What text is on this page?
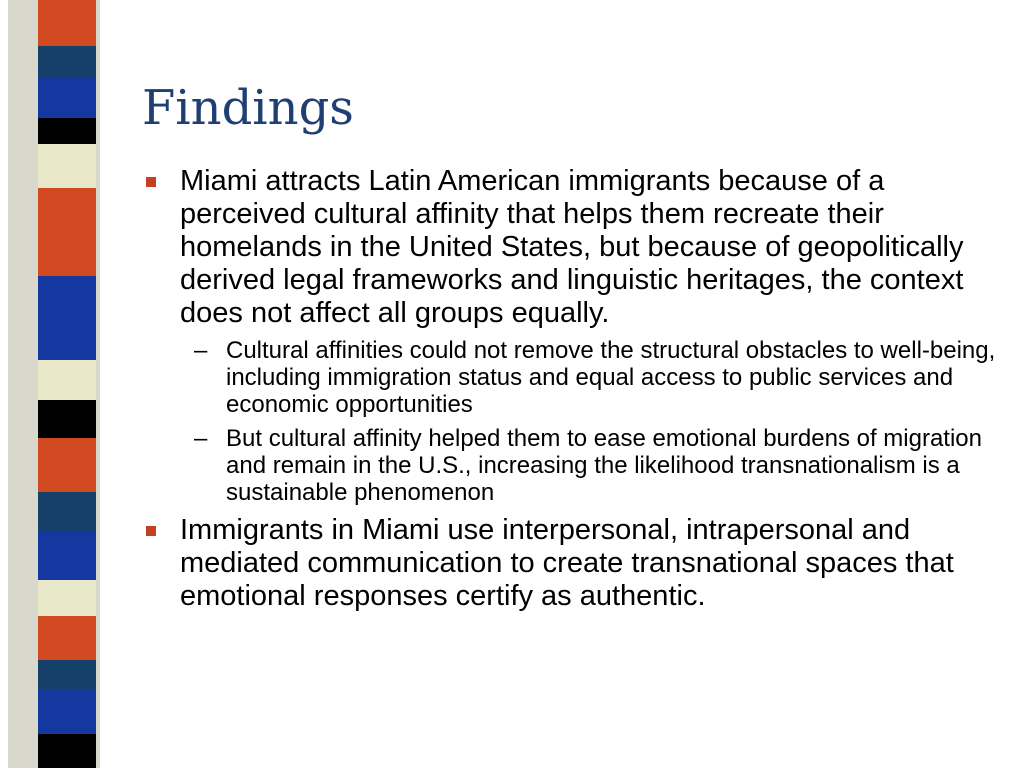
Findings
Miami attracts Latin American immigrants because of a perceived cultural affinity that helps them recreate their homelands in the United States, but because of geopolitically derived legal frameworks and linguistic heritages, the context does not affect all groups equally.
– Cultural affinities could not remove the structural obstacles to well-being, including immigration status and equal access to public services and economic opportunities
– But cultural affinity helped them to ease emotional burdens of migration and remain in the U.S., increasing the likelihood transnationalism is a sustainable phenomenon
Immigrants in Miami use interpersonal, intrapersonal and mediated communication to create transnational spaces that emotional responses certify as authentic.
